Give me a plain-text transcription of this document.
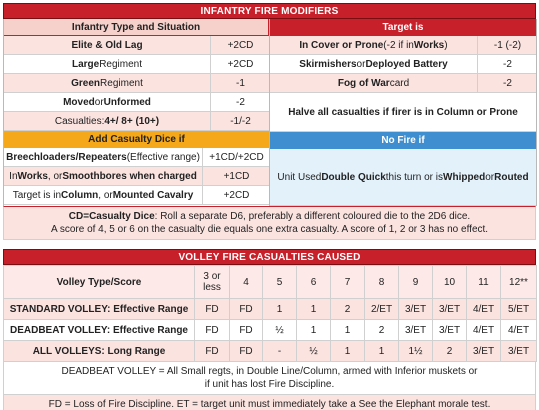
INFANTRY FIRE MODIFIERS
Infantry Type and Situation
Elite & Old Lag	+2CD
Large Regiment	+2CD
Green Regiment	-1
Moved or Unformed	-2
Casualties: 4+/ 8+ (10+)	-1/-2
Add Casualty Dice if
Breechloaders/Repeaters (Effective range) +1CD/+2CD
In Works , or Smoothbores when charged	+1CD
Target is in Column , or Mounted Cavalry	+2CD
Target is
In Cover or Prone (-2 if in Works )	-1 (-2)
Skirmishers or Deployed Battery	-2
Fog of War card	-2
Halve all casualties if firer is in Column or Prone
No Fire if
Unit Used Double Quick this turn or is Whipped or Routed
CD=Casualty Dice: Roll a separate D6, preferably a different coloured die to the 2D6 dice.
A score of 4, 5 or 6 on the casualty die equals one extra casualty. A score of 1, 2 or 3 has no effect.
VOLLEY FIRE CASUALTIES CAUSED
Volley Type/Score	3 or less	4	5	6	7	8	9	10	11	12**
STANDARD VOLLEY: Effective Range	FD	FD	1	1	2	2/ET	3/ET	3/ET	4/ET	5/ET
DEADBEAT VOLLEY: Effective Range	FD	FD	½	1	1	2	3/ET	3/ET	4/ET	4/ET
ALL VOLLEYS: Long Range	FD	FD	-	½	1	1	1½	2	3/ET	3/ET
DEADBEAT VOLLEY = All Small regts, in Double Line/Column, armed with Inferior muskets or
if unit has lost Fire Discipline.
FD = Loss of Fire Discipline. ET = target unit must immediately take a See the Elephant morale test.
